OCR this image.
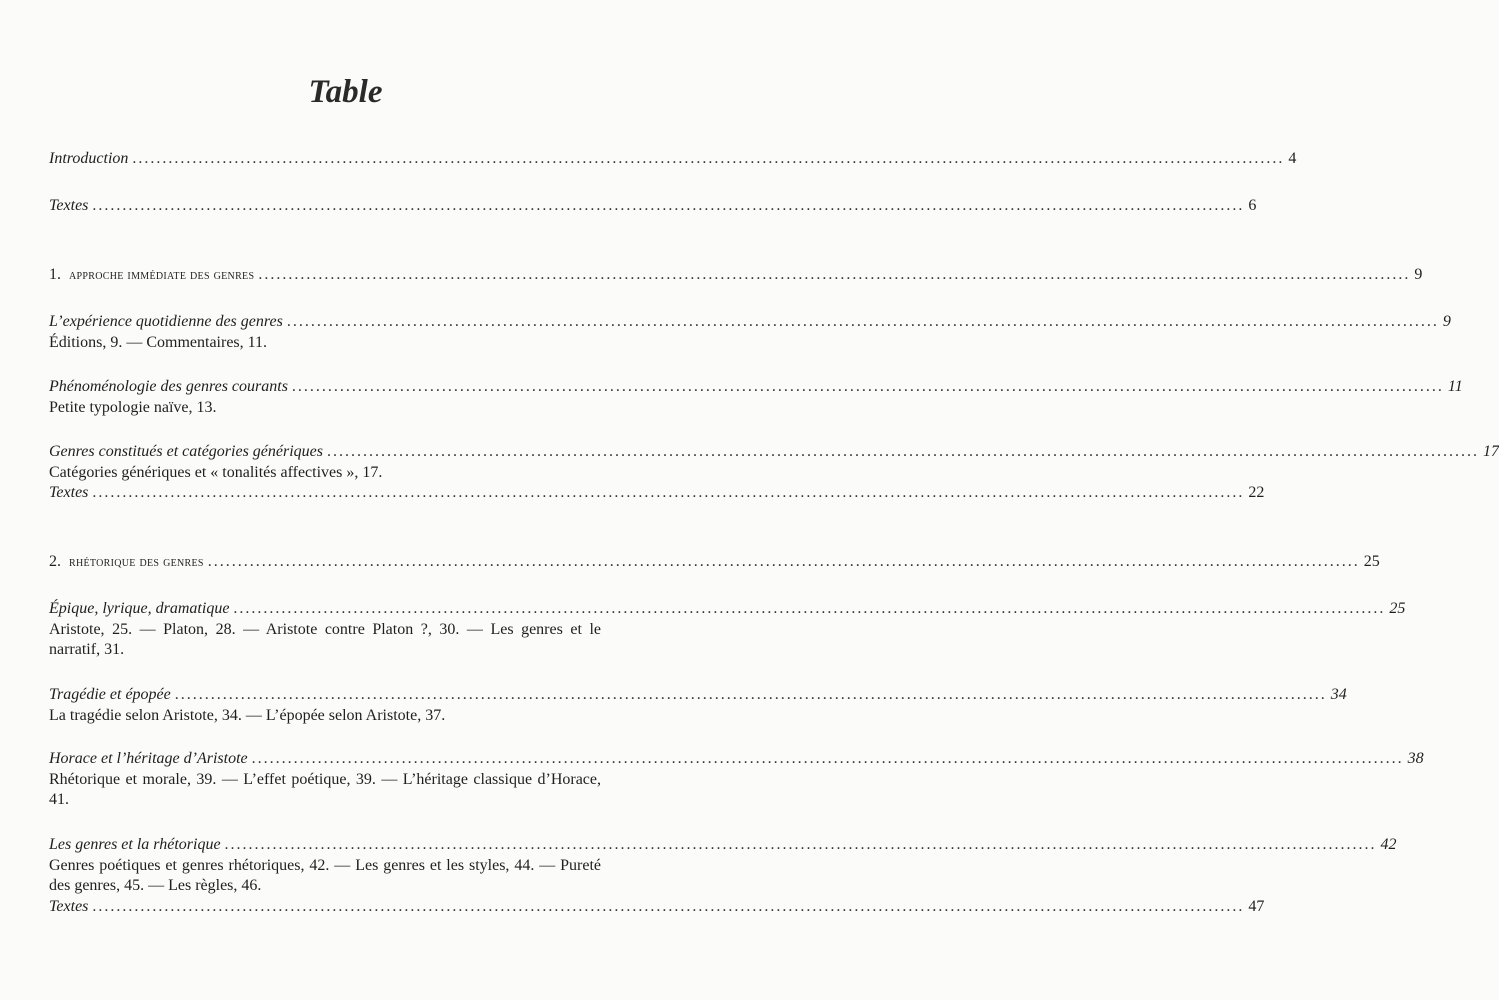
Table
Introduction ................................................................................................................................................................................................ 4
Textes ................................................................................................................................................................................................ 6
1. approche immédiate des genres ................................................................................................................................................................................................ 9
L’expérience quotidienne des genres ................................................................................................................................................................................................ 9
Éditions, 9. — Commentaires, 11.
Phénoménologie des genres courants ................................................................................................................................................................................................ 11
Petite typologie naïve, 13.
Genres constitués et catégories génériques ................................................................................................................................................................................................ 17
Catégories génériques et « tonalités affectives », 17.
Textes ................................................................................................................................................................................................ 22
2. rhétorique des genres ................................................................................................................................................................................................ 25
Épique, lyrique, dramatique ................................................................................................................................................................................................ 25
Aristote, 25. — Platon, 28. — Aristote contre Platon ?, 30. — Les genres et le narratif, 31.
Tragédie et épopée ................................................................................................................................................................................................ 34
La tragédie selon Aristote, 34. — L’épopée selon Aristote, 37.
Horace et l’héritage d’Aristote ................................................................................................................................................................................................ 38
Rhétorique et morale, 39. — L’effet poétique, 39. — L’héritage classique d’Horace, 41.
Les genres et la rhétorique ................................................................................................................................................................................................ 42
Genres poétiques et genres rhétoriques, 42. — Les genres et les styles, 44. — Pureté des genres, 45. — Les règles, 46.
Textes ................................................................................................................................................................................................ 47
